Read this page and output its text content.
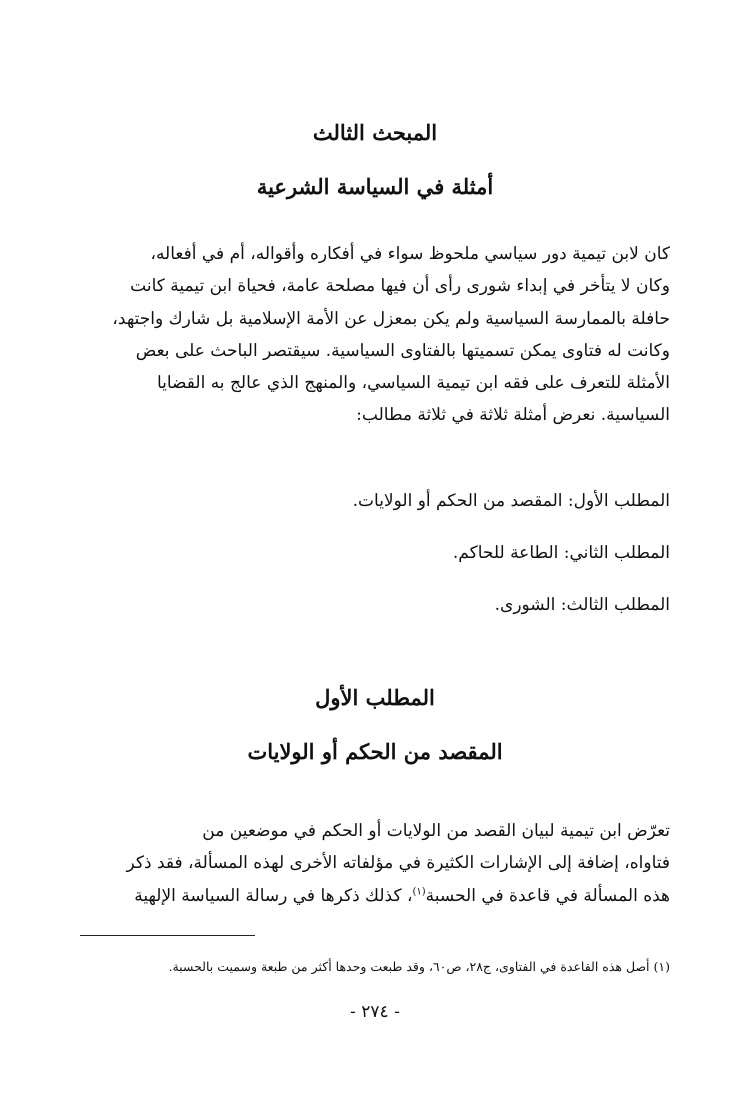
المبحث الثالث
أمثلة في السياسة الشرعية
كان لابن تيمية دور سياسي ملحوظ سواء في أفكاره وأقواله، أم في أفعاله،
وكان لا يتأخر في إبداء شورى رأى أن فيها مصلحة عامة، فحياة ابن تيمية كانت
حافلة بالممارسة السياسية ولم يكن بمعزل عن الأمة الإسلامية بل شارك واجتهد،
وكانت له فتاوى يمكن تسميتها بالفتاوى السياسية. سيقتصر الباحث على بعض
الأمثلة للتعرف على فقه ابن تيمية السياسي، والمنهج الذي عالج به القضايا
السياسية. نعرض أمثلة ثلاثة في ثلاثة مطالب:
المطلب الأول: المقصد من الحكم أو الولايات.
المطلب الثاني: الطاعة للحاكم.
المطلب الثالث: الشورى.
المطلب الأول
المقصد من الحكم أو الولايات
تعرّض ابن تيمية لبيان القصد من الولايات أو الحكم في موضعين من
فتاواه، إضافة إلى الإشارات الكثيرة في مؤلفاته الأخرى لهذه المسألة، فقد ذكر
هذه المسألة في قاعدة في الحسبة$^{(١)}$، كذلك ذكرها في رسالة السياسة الإلهية
(١) أصل هذه القاعدة في الفتاوى، ج٢٨، ص٦٠، وقد طبعت وحدها أكثر من طبعة وسميت بالحسبة.
- ٢٧٤ -
